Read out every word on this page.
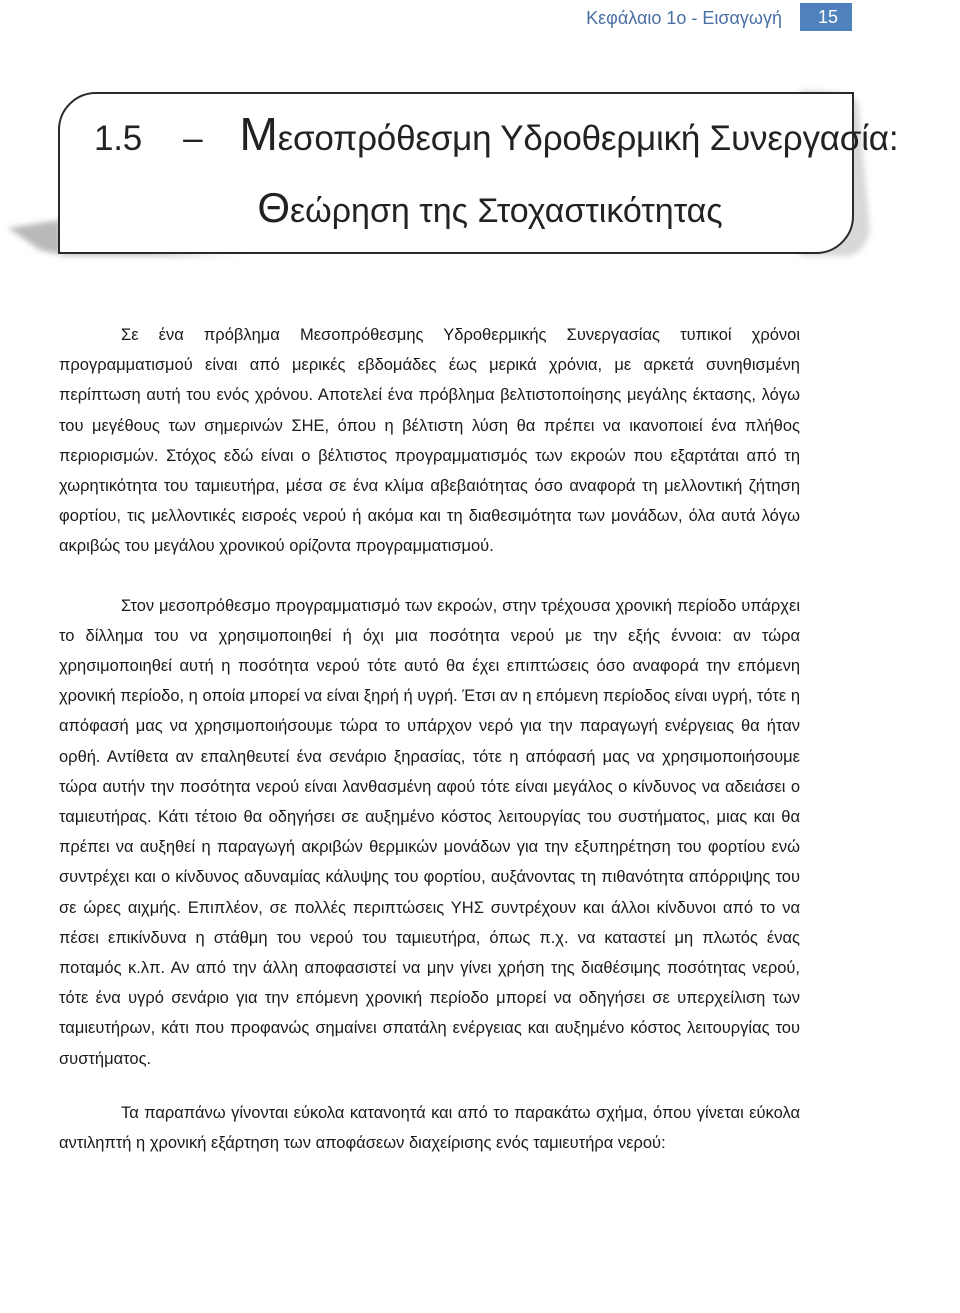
Κεφάλαιο 1ο - Εισαγωγή	15
1.5 – Mεσοπρόθεσμη Υδροθερμική Συνεργασία:
Θεώρηση της Στοχαστικότητας

Σε ένα πρόβλημα Μεσοπρόθεσμης Υδροθερμικής Συνεργασίας τυπικοί χρόνοι προγραμματισμού είναι από μερικές εβδομάδες έως μερικά χρόνια, με αρκετά συνηθισμένη περίπτωση αυτή του ενός χρόνου. Αποτελεί ένα πρόβλημα βελτιστοποίησης μεγάλης έκτασης, λόγω του μεγέθους των σημερινών ΣΗΕ, όπου η βέλτιστη λύση θα πρέπει να ικανοποιεί ένα πλήθος περιορισμών. Στόχος εδώ είναι ο βέλτιστος προγραμματισμός των εκροών που εξαρτάται από τη χωρητικότητα του ταμιευτήρα, μέσα σε ένα κλίμα αβεβαιότητας όσο αναφορά τη μελλοντική ζήτηση φορτίου, τις μελλοντικές εισροές νερού ή ακόμα και τη διαθεσιμότητα των μονάδων, όλα αυτά λόγω ακριβώς του μεγάλου χρονικού ορίζοντα προγραμματισμού.

Στον μεσοπρόθεσμο προγραμματισμό των εκροών, στην τρέχουσα χρονική περίοδο υπάρχει το δίλλημα του να χρησιμοποιηθεί ή όχι μια ποσότητα νερού με την εξής έννοια: αν τώρα χρησιμοποιηθεί αυτή η ποσότητα νερού τότε αυτό θα έχει επιπτώσεις όσο αναφορά την επόμενη χρονική περίοδο, η οποία μπορεί να είναι ξηρή ή υγρή. Έτσι αν η επόμενη περίοδος είναι υγρή, τότε η απόφασή μας να χρησιμοποιήσουμε τώρα το υπάρχον νερό για την παραγωγή ενέργειας θα ήταν ορθή. Αντίθετα αν επαληθευτεί ένα σενάριο ξηρασίας, τότε η απόφασή μας να χρησιμοποιήσουμε τώρα αυτήν την ποσότητα νερού είναι λανθασμένη αφού τότε είναι μεγάλος ο κίνδυνος να αδειάσει ο ταμιευτήρας. Κάτι τέτοιο θα οδηγήσει σε αυξημένο κόστος λειτουργίας του συστήματος, μιας και θα πρέπει να αυξηθεί η παραγωγή ακριβών θερμικών μονάδων για την εξυπηρέτηση του φορτίου ενώ συντρέχει και ο κίνδυνος αδυναμίας κάλυψης του φορτίου, αυξάνοντας τη πιθανότητα απόρριψης του σε ώρες αιχμής. Επιπλέον, σε πολλές περιπτώσεις ΥΗΣ συντρέχουν και άλλοι κίνδυνοι από το να πέσει επικίνδυνα η στάθμη του νερού του ταμιευτήρα, όπως π.χ. να καταστεί μη πλωτός ένας ποταμός κ.λπ. Αν από την άλλη αποφασιστεί να μην γίνει χρήση της διαθέσιμης ποσότητας νερού, τότε ένα υγρό σενάριο για την επόμενη χρονική περίοδο μπορεί να οδηγήσει σε υπερχείλιση των ταμιευτήρων, κάτι που προφανώς σημαίνει σπατάλη ενέργειας και αυξημένο κόστος λειτουργίας του συστήματος.

Τα παραπάνω γίνονται εύκολα κατανοητά και από το παρακάτω σχήμα, όπου γίνεται εύκολα αντιληπτή η χρονική εξάρτηση των αποφάσεων διαχείρισης ενός ταμιευτήρα νερού:
